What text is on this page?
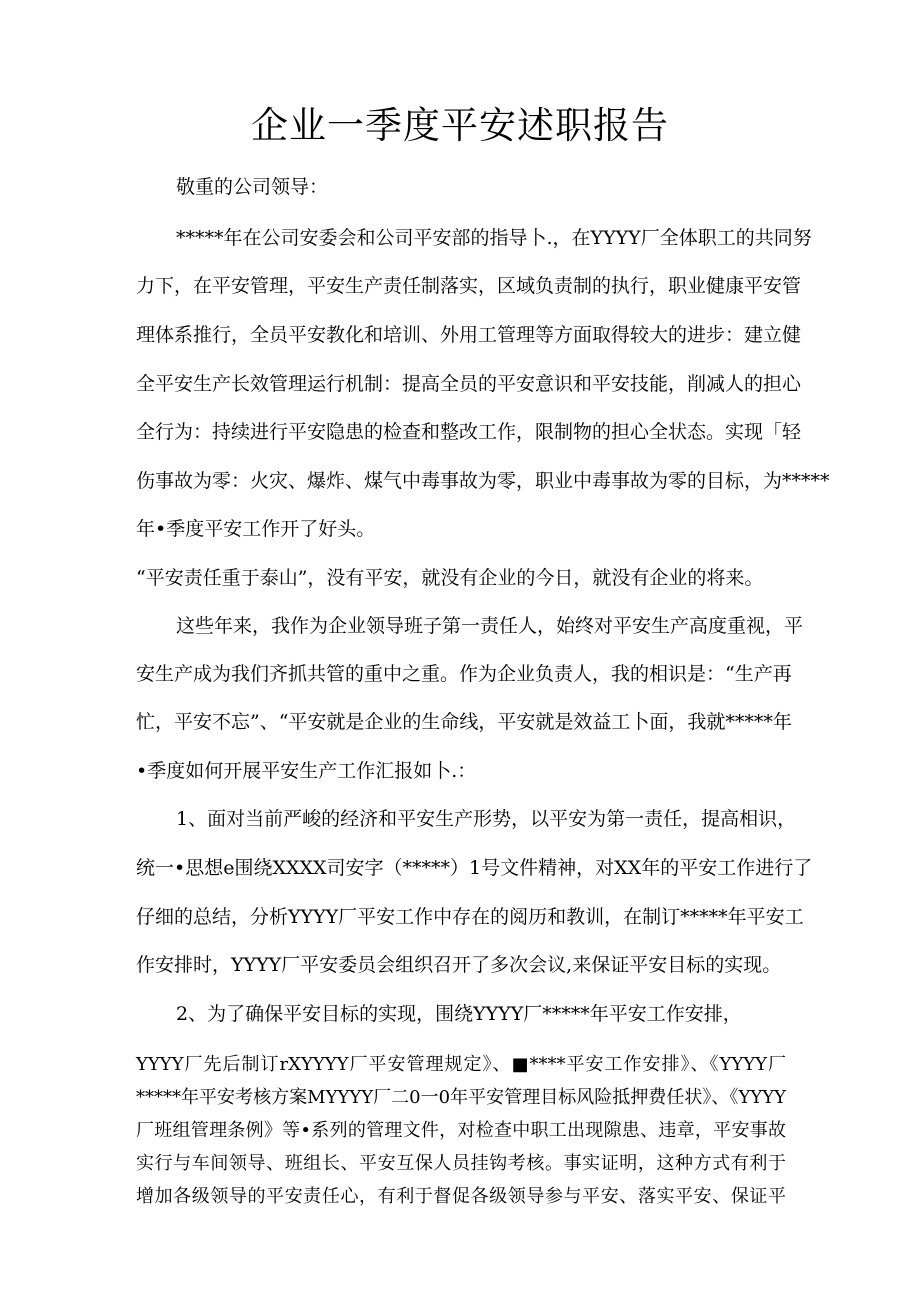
企业一季度平安述职报告
敬重的公司领导：
*****年在公司安委会和公司平安部的指导卜.，在YYYY厂全体职工的共同努
力下，在平安管理，平安生产责任制落实，区域负责制的执行，职业健康平安管
理体系推行，全员平安教化和培训、外用工管理等方面取得较大的进步：建立健
全平安生产长效管理运行机制：提高全员的平安意识和平安技能，削减人的担心
全行为：持续进行平安隐患的检查和整改工作，限制物的担心全状态。实现「轻
伤事故为零：火灾、爆炸、煤气中毒事故为零，职业中毒事故为零的目标，为*****
年•季度平安工作开了好头。
“平安责任重于泰山”，没有平安，就没有企业的今日，就没有企业的将来。
这些年来，我作为企业领导班子第一责任人，始终对平安生产高度重视，平
安生产成为我们齐抓共管的重中之重。作为企业负责人，我的相识是：“生产再
忙，平安不忘”、“平安就是企业的生命线，平安就是效益工卜面，我就*****年
•季度如何开展平安生产工作汇报如卜.：
1、面对当前严峻的经济和平安生产形势，以平安为第一责任，提高相识，
统一•思想e围绕XXXX司安字（*****）1号文件精神，对XX年的平安工作进行了
仔细的总结，分析YYYY厂平安工作中存在的阅历和教训，在制订*****年平安工
作安排时，YYYY厂平安委员会组织召开了多次会议,来保证平安目标的实现。
2、为了确保平安目标的实现，围绕YYYY厂*****年平安工作安排，
YYYY厂先后制订rXYYYY厂平安管理规定》、■****平安工作安排》、《YYYY厂
*****年平安考核方案MYYYY厂二0一0年平安管理目标风险抵押费任状》、《YYYY
厂班组管理条例》等•系列的管理文件，对检查中职工出现隙患、违章，平安事故
实行与车间领导、班组长、平安互保人员挂钩考核。事实证明，这种方式有利于
增加各级领导的平安责任心，有利于督促各级领导参与平安、落实平安、保证平
